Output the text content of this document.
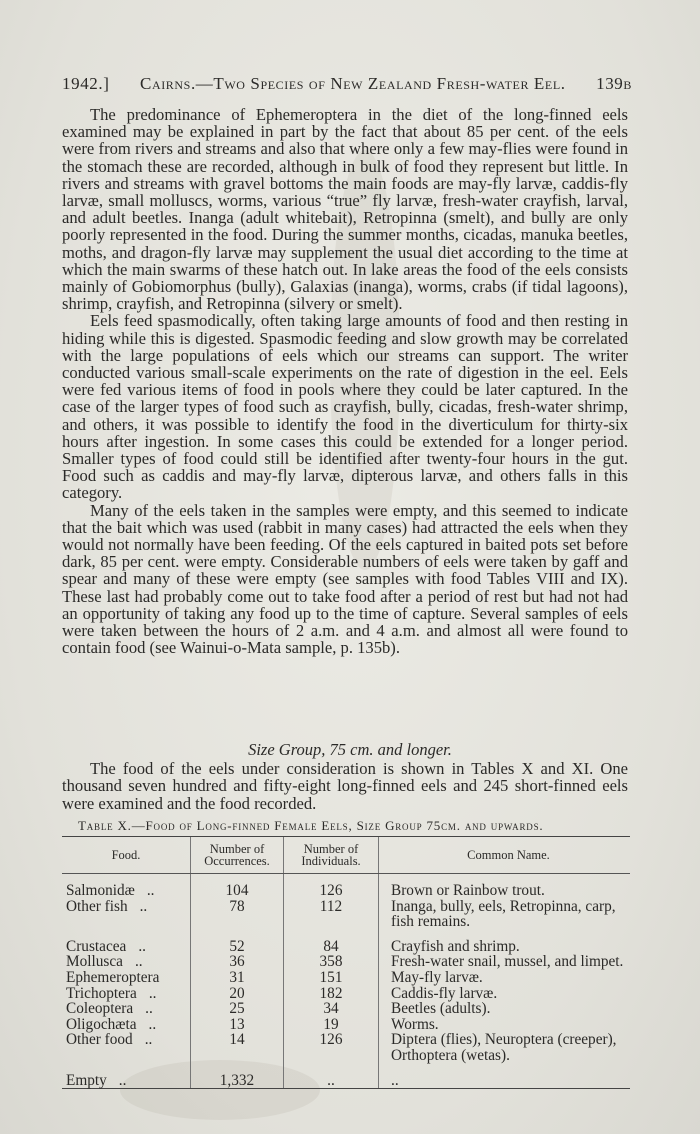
1942.] Cairns.—Two Species of New Zealand Fresh-water Eel. 139b

The predominance of Ephemeroptera in the diet of the long-finned eels examined may be explained in part by the fact that about 85 per cent. of the eels were from rivers and streams and also that where only a few may-flies were found in the stomach these are recorded, although in bulk of food they represent but little. In rivers and streams with gravel bottoms the main foods are may-fly larvæ, caddis-fly larvæ, small molluscs, worms, various “true” fly larvæ, fresh-water crayfish, larval, and adult beetles. Inanga (adult whitebait), Retropinna (smelt), and bully are only poorly represented in the food. During the summer months, cicadas, manuka beetles, moths, and dragon-fly larvæ may supplement the usual diet according to the time at which the main swarms of these hatch out. In lake areas the food of the eels consists mainly of Gobiomorphus (bully), Galaxias (inanga), worms, crabs (if tidal lagoons), shrimp, crayfish, and Retropinna (silvery or smelt).

Eels feed spasmodically, often taking large amounts of food and then resting in hiding while this is digested. Spasmodic feeding and slow growth may be correlated with the large populations of eels which our streams can support. The writer conducted various small-scale experiments on the rate of digestion in the eel. Eels were fed various items of food in pools where they could be later captured. In the case of the larger types of food such as crayfish, bully, cicadas, fresh-water shrimp, and others, it was possible to identify the food in the diverticulum for thirty-six hours after ingestion. In some cases this could be extended for a longer period. Smaller types of food could still be identified after twenty-four hours in the gut. Food such as caddis and may-fly larvæ, dipterous larvæ, and others falls in this category.

Many of the eels taken in the samples were empty, and this seemed to indicate that the bait which was used (rabbit in many cases) had attracted the eels when they would not normally have been feeding. Of the eels captured in baited pots set before dark, 85 per cent. were empty. Considerable numbers of eels were taken by gaff and spear and many of these were empty (see samples with food Tables VIII and IX). These last had probably come out to take food after a period of rest but had not had an opportunity of taking any food up to the time of capture. Several samples of eels were taken between the hours of 2 a.m. and 4 a.m. and almost all were found to contain food (see Wainui-o-Mata sample, p. 135b).

Size Group, 75 cm. and longer.

The food of the eels under consideration is shown in Tables X and XI. One thousand seven hundred and fifty-eight long-finned eels and 245 short-finned eels were examined and the food recorded.

Table X.—Food of Long-finned Female Eels, Size Group 75cm. and upwards.
Food.	Number of Occurrences.	Number of Individuals.	Common Name.

Salmonidæ ..	104	126	Brown or Rainbow trout.
Other fish ..	78	112	Inanga, bully, eels, Retropinna, carp, fish remains.

Crustacea ..	52	84	Crayfish and shrimp.
Mollusca ..	36	358	Fresh-water snail, mussel, and limpet.
Ephemeroptera	31	151	May-fly larvæ.
Trichoptera ..	20	182	Caddis-fly larvæ.
Coleoptera ..	25	34	Beetles (adults).
Oligochæta ..	13	19	Worms.
Other food ..	14	126	Diptera (flies), Neuroptera (creeper), Orthoptera (wetas).

Empty ..	1,332	..	..
